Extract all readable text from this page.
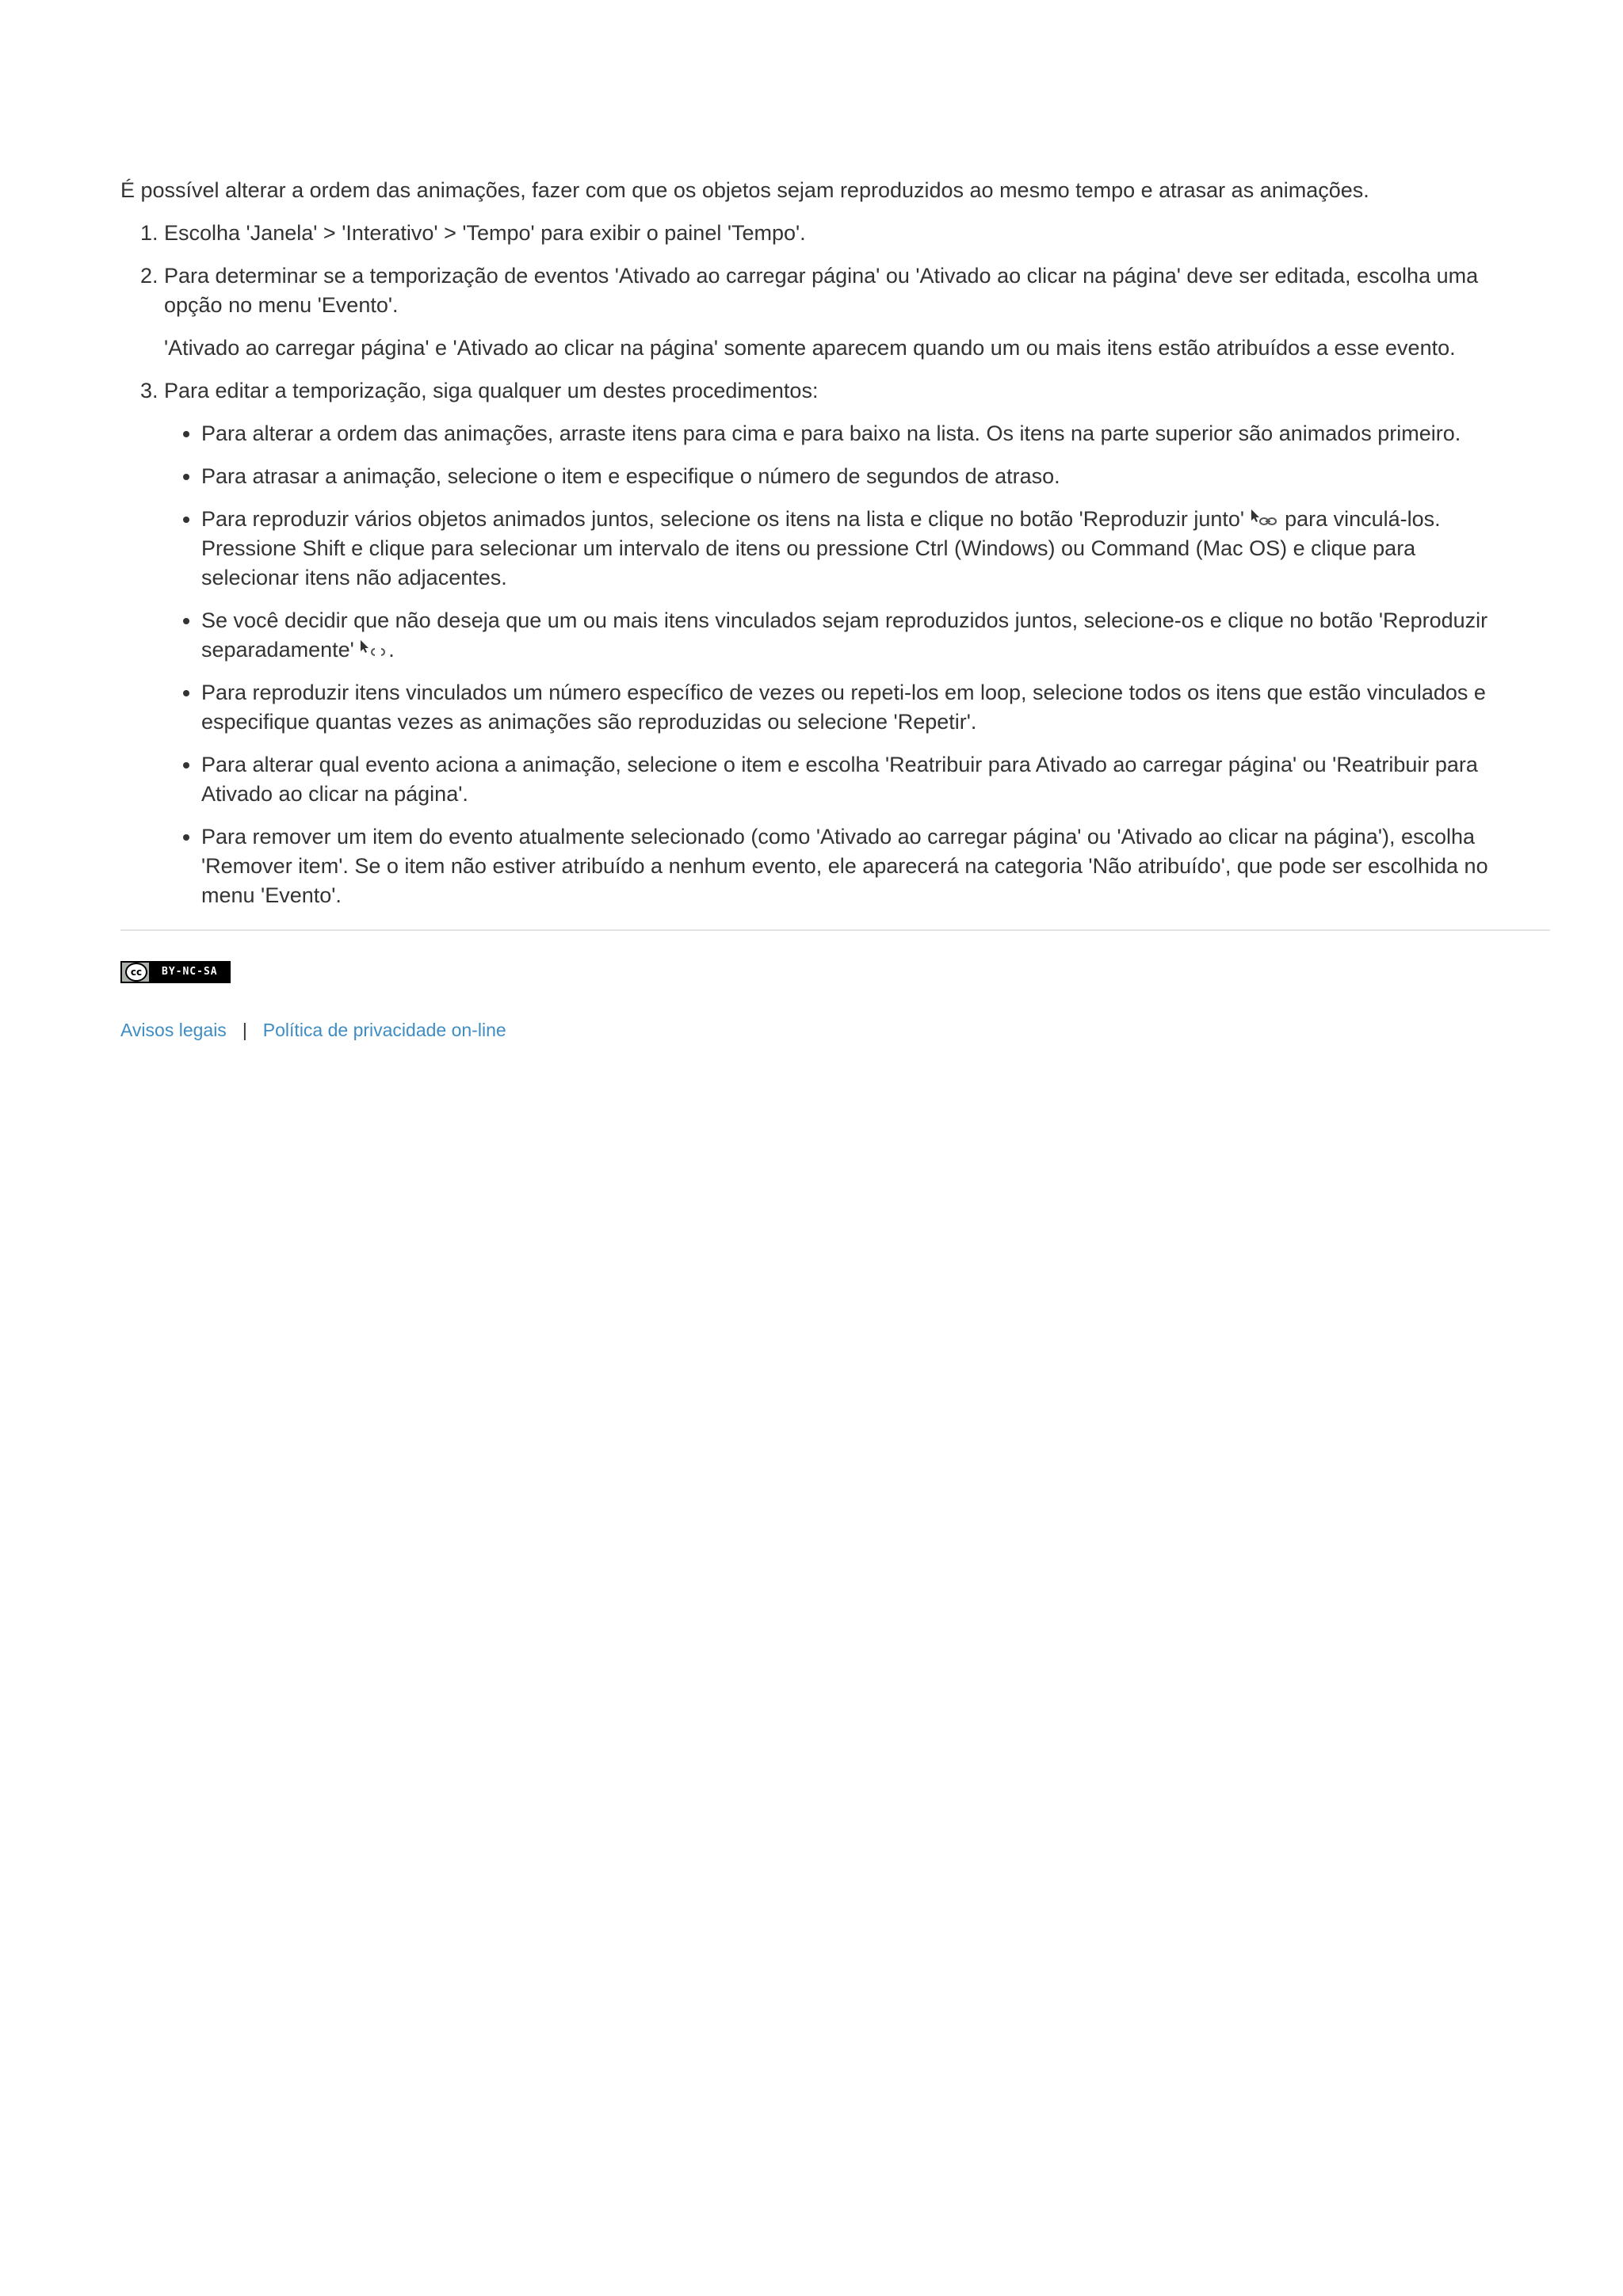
É possível alterar a ordem das animações, fazer com que os objetos sejam reproduzidos ao mesmo tempo e atrasar as animações.

1. Escolha 'Janela' > 'Interativo' > 'Tempo' para exibir o painel 'Tempo'.

2. Para determinar se a temporização de eventos 'Ativado ao carregar página' ou 'Ativado ao clicar na página' deve ser editada, escolha uma opção no menu 'Evento'.

'Ativado ao carregar página' e 'Ativado ao clicar na página' somente aparecem quando um ou mais itens estão atribuídos a esse evento.

3. Para editar a temporização, siga qualquer um destes procedimentos:

• Para alterar a ordem das animações, arraste itens para cima e para baixo na lista. Os itens na parte superior são animados primeiro.
• Para atrasar a animação, selecione o item e especifique o número de segundos de atraso.
• Para reproduzir vários objetos animados juntos, selecione os itens na lista e clique no botão 'Reproduzir junto'
para vinculá-los. Pressione Shift e clique para selecionar um intervalo de itens ou pressione Ctrl (Windows) ou Command (Mac OS) e clique para selecionar itens não adjacentes.
• Se você decidir que não deseja que um ou mais itens vinculados sejam reproduzidos juntos, selecione-os e clique no botão 'Reproduzir separadamente'
.
• Para reproduzir itens vinculados um número específico de vezes ou repeti-los em loop, selecione todos os itens que estão vinculados e especifique quantas vezes as animações são reproduzidas ou selecione 'Repetir'.
• Para alterar qual evento aciona a animação, selecione o item e escolha 'Reatribuir para Ativado ao carregar página' ou 'Reatribuir para Ativado ao clicar na página'.
• Para remover um item do evento atualmente selecionado (como 'Ativado ao carregar página' ou 'Ativado ao clicar na página'), escolha 'Remover item'. Se o item não estiver atribuído a nenhum evento, ele aparecerá na categoria 'Não atribuído', que pode ser escolhida no menu 'Evento'.
cc	BY-NC-SA
Avisos legais | Política de privacidade on-line
